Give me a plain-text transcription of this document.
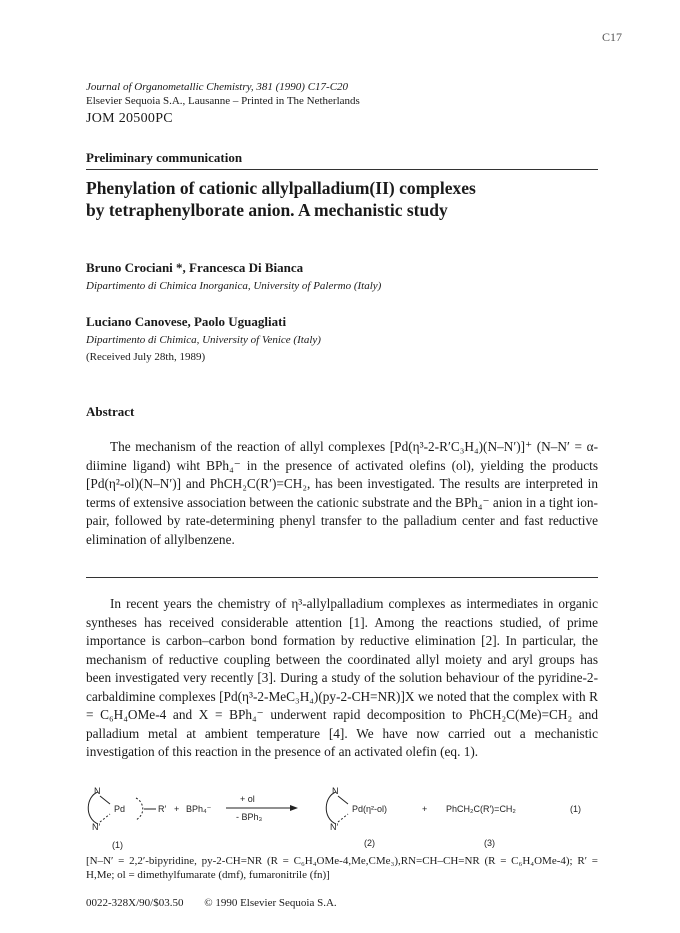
C17
Journal of Organometallic Chemistry, 381 (1990) C17-C20
Elsevier Sequoia S.A., Lausanne – Printed in The Netherlands
JOM 20500PC
Preliminary communication
Phenylation of cationic allylpalladium(II) complexes
by tetraphenylborate anion. A mechanistic study
Bruno Crociani *, Francesca Di Bianca
Dipartimento di Chimica Inorganica, University of Palermo (Italy)
Luciano Canovese, Paolo Uguagliati
Dipartimento di Chimica, University of Venice (Italy)
(Received July 28th, 1989)
Abstract

The mechanism of the reaction of allyl complexes [Pd(η³-2-R′C₃H₄)(N–N′)]⁺ (N–N′ = α-diimine ligand) wiht BPh₄⁻ in the presence of activated olefins (ol), yielding the products [Pd(η²-ol)(N–N′)] and PhCH₂C(R′)=CH₂, has been investigated. The results are interpreted in terms of extensive association between the cationic substrate and the BPh₄⁻ anion in a tight ion-pair, followed by rate-determining phenyl transfer to the palladium center and fast reductive elimination of allylbenzene.

In recent years the chemistry of η³-allylpalladium complexes as intermediates in organic syntheses has received considerable attention [1]. Among the reactions studied, of prime importance is carbon–carbon bond formation by reductive elimination [2]. In particular, the mechanism of reductive coupling between the coordinated allyl moiety and aryl groups has been investigated very recently [3]. During a study of the solution behaviour of the pyridine-2-carbaldimine complexes [Pd(η³-2-MeC₃H₄)(py-2-CH=NR)]X we noted that the complex with R = C₆H₄OMe-4 and X = BPh₄⁻ underwent rapid decomposition to PhCH₂C(Me)=CH₂ and palladium metal at ambient temperature [4]. We have now carried out a mechanistic investigation of this reaction in the presence of an activated olefin (eq. 1).

N
N′
Pd	R′ + BPh₄⁻
+ ol
- BPh₃
N
N′
Pd(η²-ol)	+ PhCH₂C(R′)=CH₂	(1)
(1)	(2)	(3)
[N–N′ = 2,2′-bipyridine, py-2-CH=NR (R = C₆H₄OMe-4,Me,CMe₃),RN=CH–CH=NR (R = C₆H₄OMe-4); R′ = H,Me; ol = dimethylfumarate (dmf), fumaronitrile (fn)]
0022-328X/90/$03.50 © 1990 Elsevier Sequoia S.A.
